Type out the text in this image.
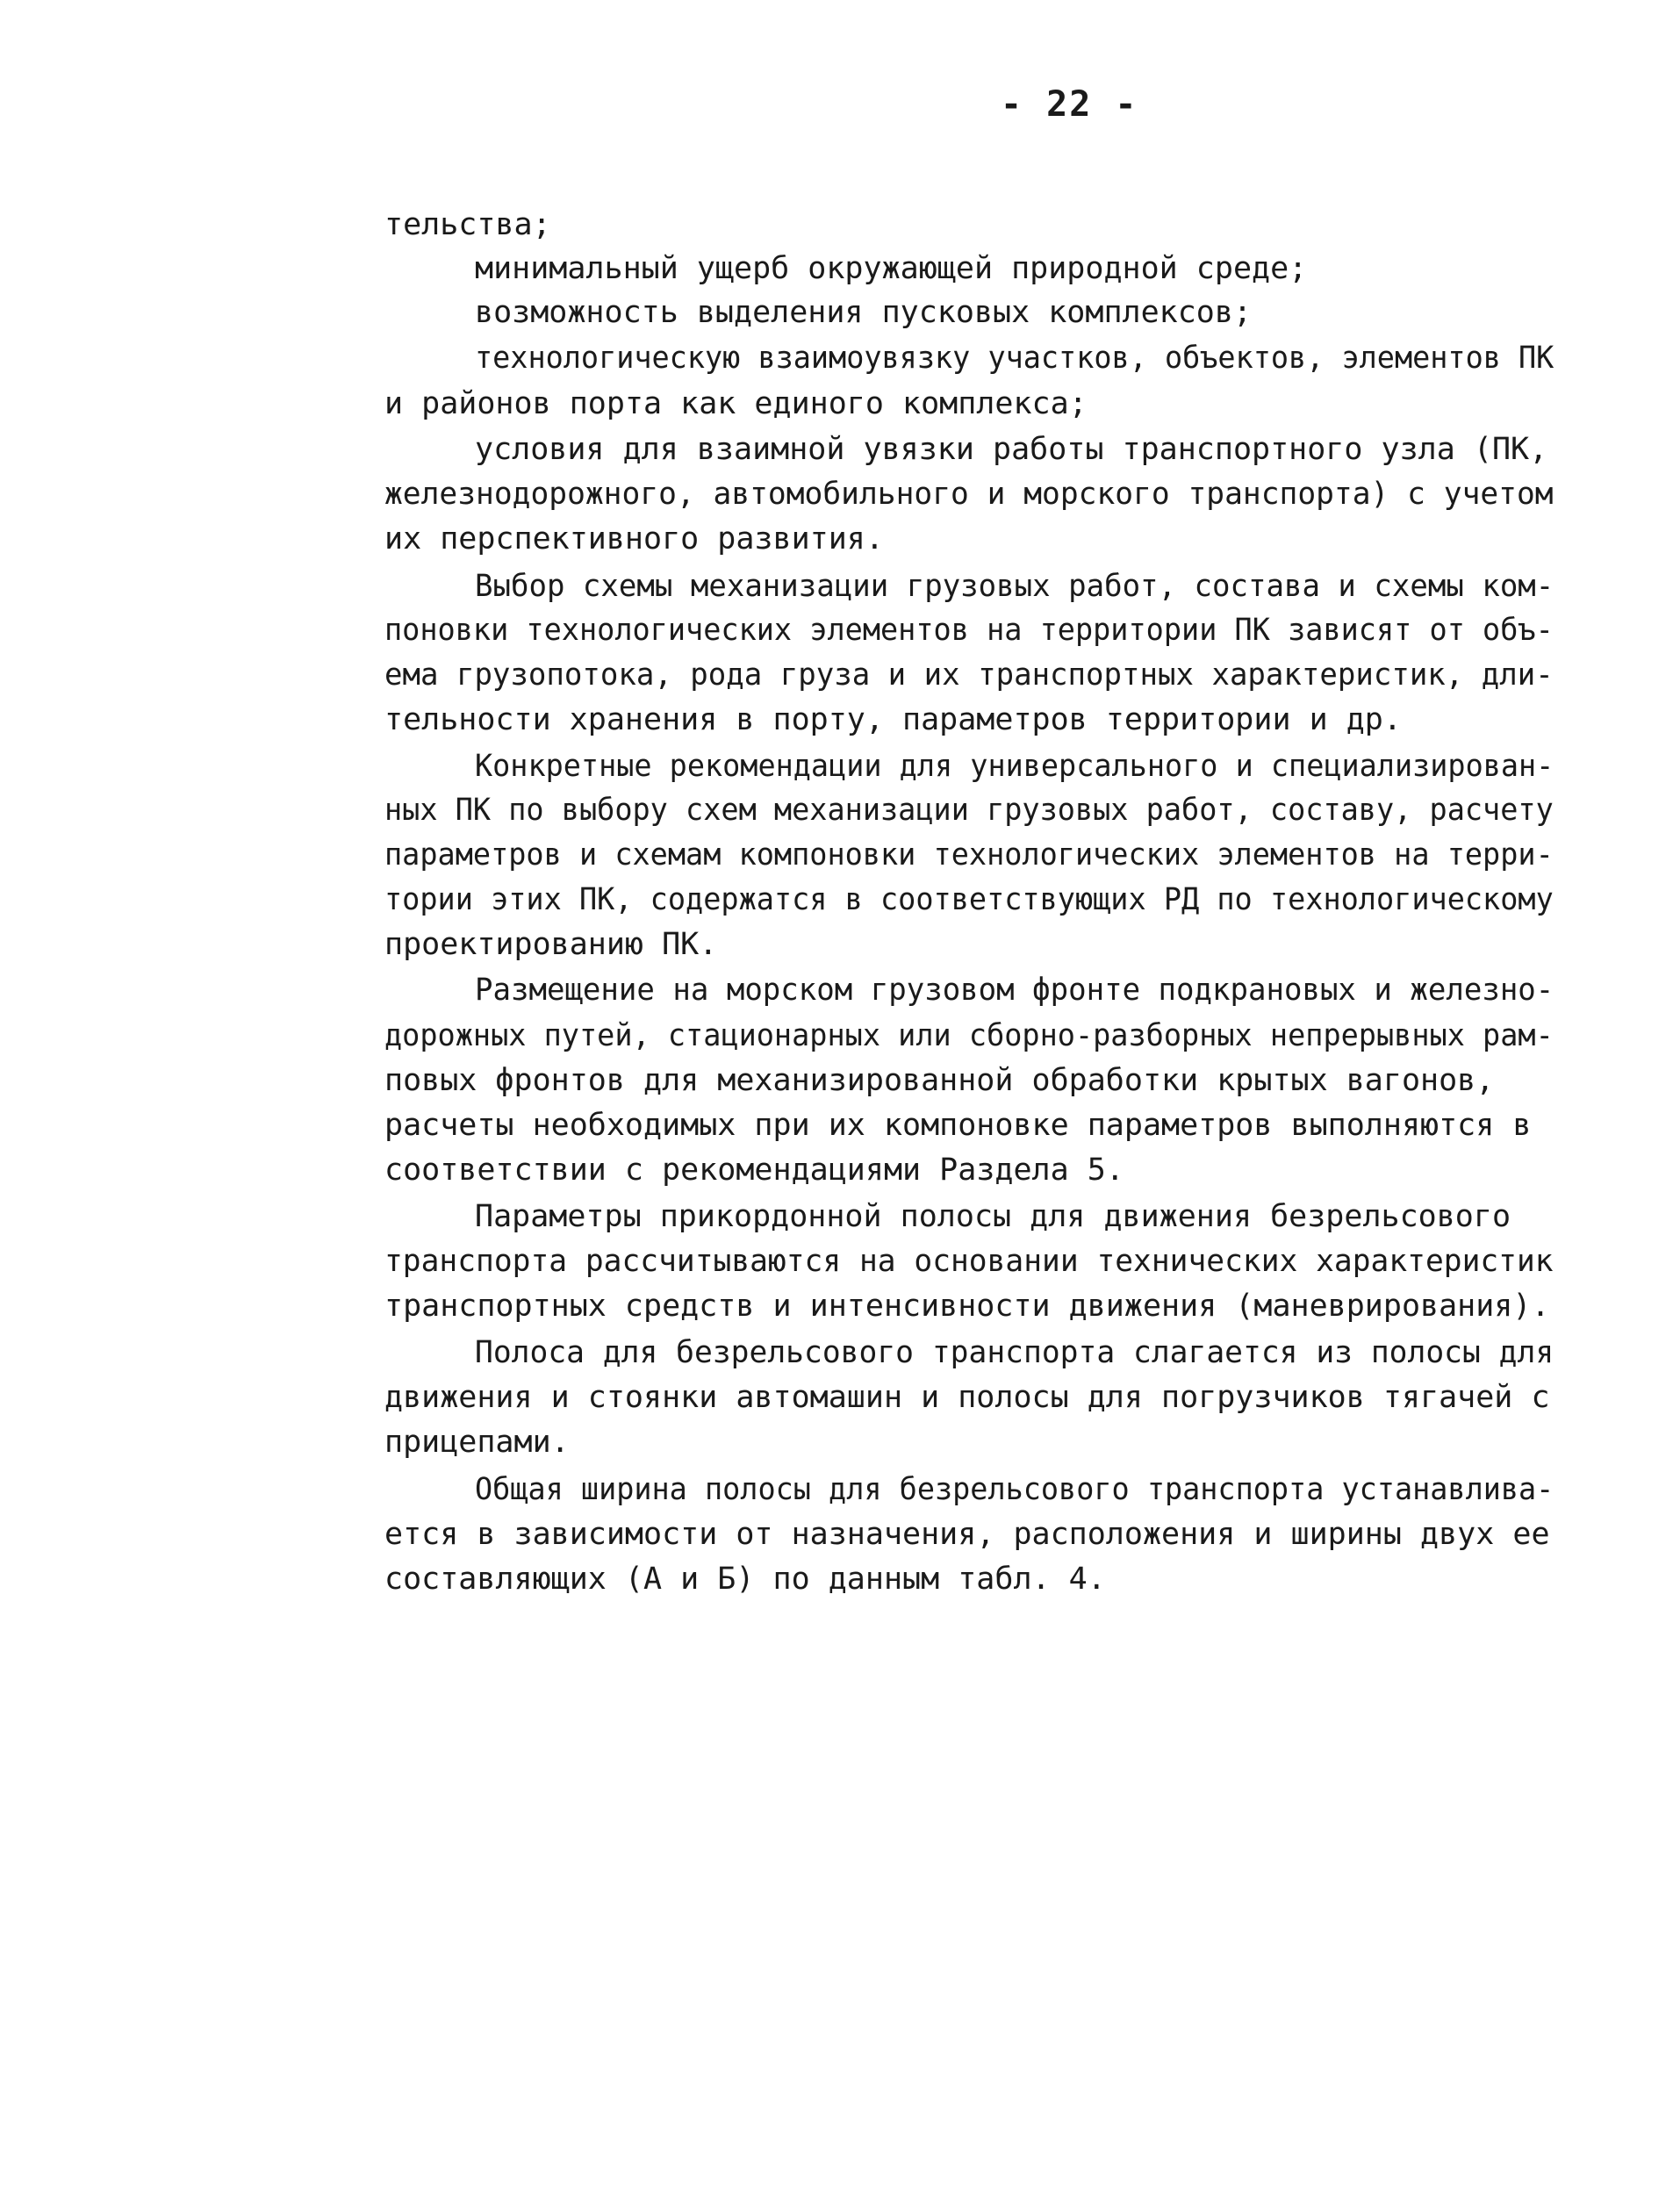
- 22 -
тельства;
минимальный ущерб окружающей природной среде;
возможность выделения пусковых комплексов;
технологическую взаимоувязку участков, объектов, элементов ПК
и районов порта как единого комплекса;
условия для взаимной увязки работы транспортного узла (ПК,
железнодорожного, автомобильного и морского транспорта) с учетом
их перспективного развития.
Выбор схемы механизации грузовых работ, состава и схемы ком-
поновки технологических элементов на территории ПК зависят от объ-
ема грузопотока, рода груза и их транспортных характеристик, дли-
тельности хранения в порту, параметров территории и др.
Конкретные рекомендации для универсального и специализирован-
ных ПК по выбору схем механизации грузовых работ, составу, расчету
параметров и схемам компоновки технологических элементов на терри-
тории этих ПК, содержатся в соответствующих РД по технологическому
проектированию ПК.
Размещение на морском грузовом фронте подкрановых и железно-
дорожных путей, стационарных или сборно-разборных непрерывных рам-
повых фронтов для механизированной обработки крытых вагонов,
расчеты необходимых при их компоновке параметров выполняются в
соответствии с рекомендациями Раздела 5.
Параметры прикордонной полосы для движения безрельсового
транспорта рассчитываются на основании технических характеристик
транспортных средств и интенсивности движения (маневрирования).
Полоса для безрельсового транспорта слагается из полосы для
движения и стоянки автомашин и полосы для погрузчиков тягачей с
прицепами.
Общая ширина полосы для безрельсового транспорта устанавлива-
ется в зависимости от назначения, расположения и ширины двух ее
составляющих (А и Б) по данным табл. 4.
